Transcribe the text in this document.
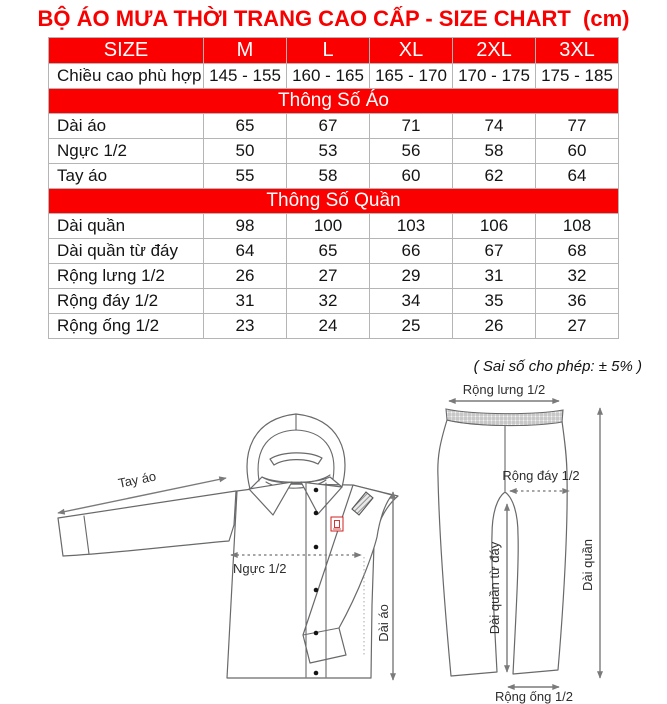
BỘ ÁO MƯA THỜI TRANG CAO CẤP - SIZE CHART  (cm)
SIZE	M	L	XL	2XL	3XL
Chiều cao phù hợp	145 - 155	160 - 165	165 - 170	170 - 175	175 - 185
Thông Số Áo					
Dài áo	65	67	71	74	77
Ngực 1/2	50	53	56	58	60
Tay áo	55	58	60	62	64
Thông Số Quần					
Dài quần	98	100	103	106	108
Dài quần từ đáy	64	65	66	67	68
Rộng lưng 1/2	26	27	29	31	32
Rộng đáy 1/2	31	32	34	35	36
Rộng ống 1/2	23	24	25	26	27
( Sai số cho phép: ± 5% )
Tay áo
Ngực 1/2
Dài áo
Rộng lưng 1/2
Rộng đáy 1/2
Dài quần từ đáy	Dài quần
Rộng ống 1/2
